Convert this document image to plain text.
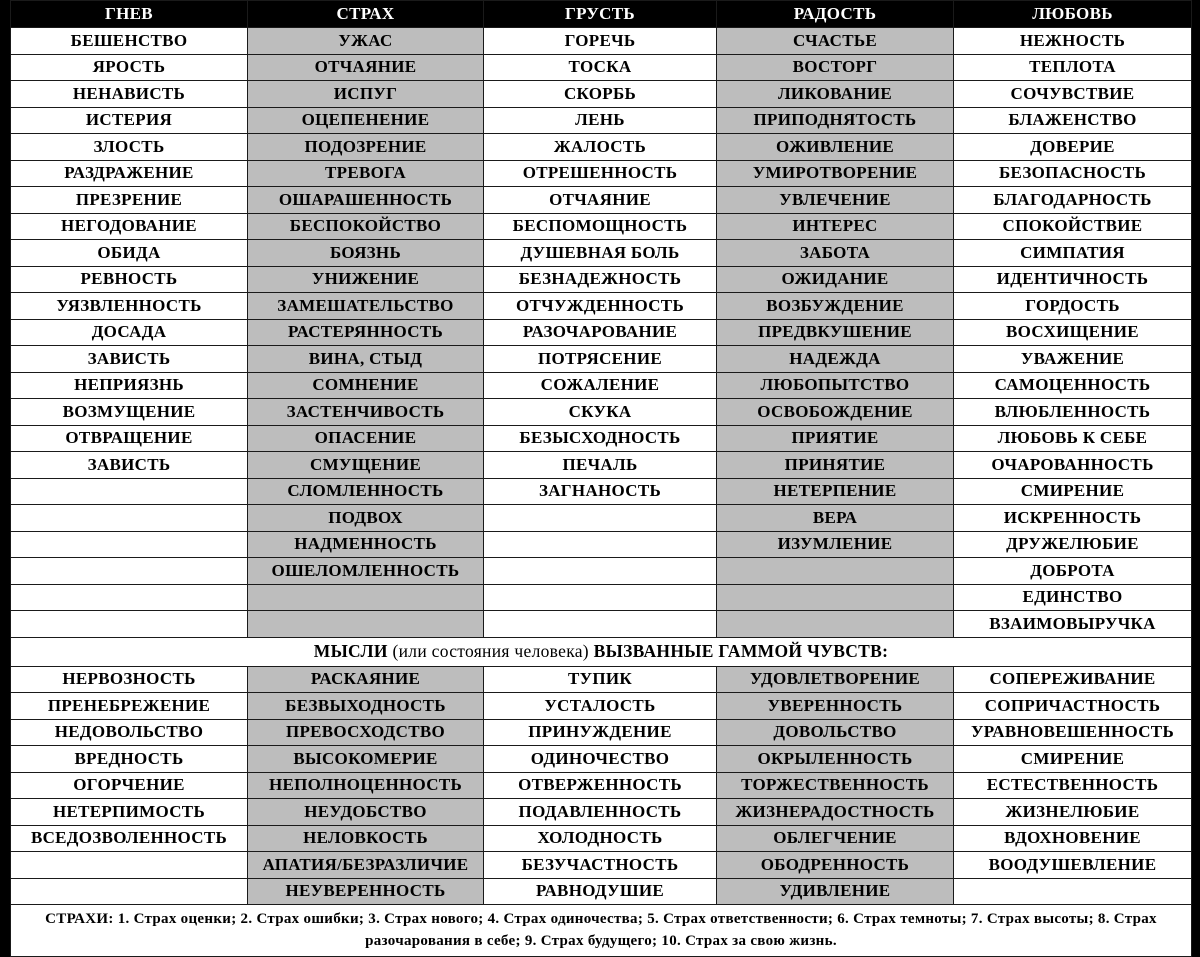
ГНЕВ	СТРАХ	ГРУСТЬ	РАДОСТЬ	ЛЮБОВЬ
БЕШЕНСТВО	УЖАС	ГОРЕЧЬ	СЧАСТЬЕ	НЕЖНОСТЬ
ЯРОСТЬ	ОТЧАЯНИЕ	ТОСКА	ВОСТОРГ	ТЕПЛОТА
НЕНАВИСТЬ	ИСПУГ	СКОРБЬ	ЛИКОВАНИЕ	СОЧУВСТВИЕ
ИСТЕРИЯ	ОЦЕПЕНЕНИЕ	ЛЕНЬ	ПРИПОДНЯТОСТЬ	БЛАЖЕНСТВО
ЗЛОСТЬ	ПОДОЗРЕНИЕ	ЖАЛОСТЬ	ОЖИВЛЕНИЕ	ДОВЕРИЕ
РАЗДРАЖЕНИЕ	ТРЕВОГА	ОТРЕШЕННОСТЬ	УМИРОТВОРЕНИЕ	БЕЗОПАСНОСТЬ
ПРЕЗРЕНИЕ	ОШАРАШЕННОСТЬ	ОТЧАЯНИЕ	УВЛЕЧЕНИЕ	БЛАГОДАРНОСТЬ
НЕГОДОВАНИЕ	БЕСПОКОЙСТВО	БЕСПОМОЩНОСТЬ	ИНТЕРЕС	СПОКОЙСТВИЕ
ОБИДА	БОЯЗНЬ	ДУШЕВНАЯ БОЛЬ	ЗАБОТА	СИМПАТИЯ
РЕВНОСТЬ	УНИЖЕНИЕ	БЕЗНАДЕЖНОСТЬ	ОЖИДАНИЕ	ИДЕНТИЧНОСТЬ
УЯЗВЛЕННОСТЬ	ЗАМЕШАТЕЛЬСТВО	ОТЧУЖДЕННОСТЬ	ВОЗБУЖДЕНИЕ	ГОРДОСТЬ
ДОСАДА	РАСТЕРЯННОСТЬ	РАЗОЧАРОВАНИЕ	ПРЕДВКУШЕНИЕ	ВОСХИЩЕНИЕ
ЗАВИСТЬ	ВИНА, СТЫД	ПОТРЯСЕНИЕ	НАДЕЖДА	УВАЖЕНИЕ
НЕПРИЯЗНЬ	СОМНЕНИЕ	СОЖАЛЕНИЕ	ЛЮБОПЫТСТВО	САМОЦЕННОСТЬ
ВОЗМУЩЕНИЕ	ЗАСТЕНЧИВОСТЬ	СКУКА	ОСВОБОЖДЕНИЕ	ВЛЮБЛЕННОСТЬ
ОТВРАЩЕНИЕ	ОПАСЕНИЕ	БЕЗЫСХОДНОСТЬ	ПРИЯТИЕ	ЛЮБОВЬ К СЕБЕ
ЗАВИСТЬ	СМУЩЕНИЕ	ПЕЧАЛЬ	ПРИНЯТИЕ	ОЧАРОВАННОСТЬ
	СЛОМЛЕННОСТЬ	ЗАГНАНОСТЬ	НЕТЕРПЕНИЕ	СМИРЕНИЕ
	ПОДВОХ		ВЕРА	ИСКРЕННОСТЬ
	НАДМЕННОСТЬ		ИЗУМЛЕНИЕ	ДРУЖЕЛЮБИЕ
	ОШЕЛОМЛЕННОСТЬ			ДОБРОТА
				ЕДИНСТВО
				ВЗАИМОВЫРУЧКА
МЫСЛИ (или состояния человека) ВЫЗВАННЫЕ ГАММОЙ ЧУВСТВ:				
НЕРВОЗНОСТЬ	РАСКАЯНИЕ	ТУПИК	УДОВЛЕТВОРЕНИЕ	СОПЕРЕЖИВАНИЕ
ПРЕНЕБРЕЖЕНИЕ	БЕЗВЫХОДНОСТЬ	УСТАЛОСТЬ	УВЕРЕННОСТЬ	СОПРИЧАСТНОСТЬ
НЕДОВОЛЬСТВО	ПРЕВОСХОДСТВО	ПРИНУЖДЕНИЕ	ДОВОЛЬСТВО	УРАВНОВЕШЕННОСТЬ
ВРЕДНОСТЬ	ВЫСОКОМЕРИЕ	ОДИНОЧЕСТВО	ОКРЫЛЕННОСТЬ	СМИРЕНИЕ
ОГОРЧЕНИЕ	НЕПОЛНОЦЕННОСТЬ	ОТВЕРЖЕННОСТЬ	ТОРЖЕСТВЕННОСТЬ	ЕСТЕСТВЕННОСТЬ
НЕТЕРПИМОСТЬ	НЕУДОБСТВО	ПОДАВЛЕННОСТЬ	ЖИЗНЕРАДОСТНОСТЬ	ЖИЗНЕЛЮБИЕ
ВСЕДОЗВОЛЕННОСТЬ	НЕЛОВКОСТЬ	ХОЛОДНОСТЬ	ОБЛЕГЧЕНИЕ	ВДОХНОВЕНИЕ
	АПАТИЯ/БЕЗРАЗЛИЧИЕ	БЕЗУЧАСТНОСТЬ	ОБОДРЕННОСТЬ	ВООДУШЕВЛЕНИЕ
	НЕУВЕРЕННОСТЬ	РАВНОДУШИЕ	УДИВЛЕНИЕ	
СТРАХИ: 1. Страх оценки; 2. Страх ошибки; 3. Страх нового; 4. Страх одиночества; 5. Страх ответственности; 6. Страх темноты; 7. Страх высоты; 8. Страх разочарования в себе; 9. Страх будущего; 10. Страх за свою жизнь.				
